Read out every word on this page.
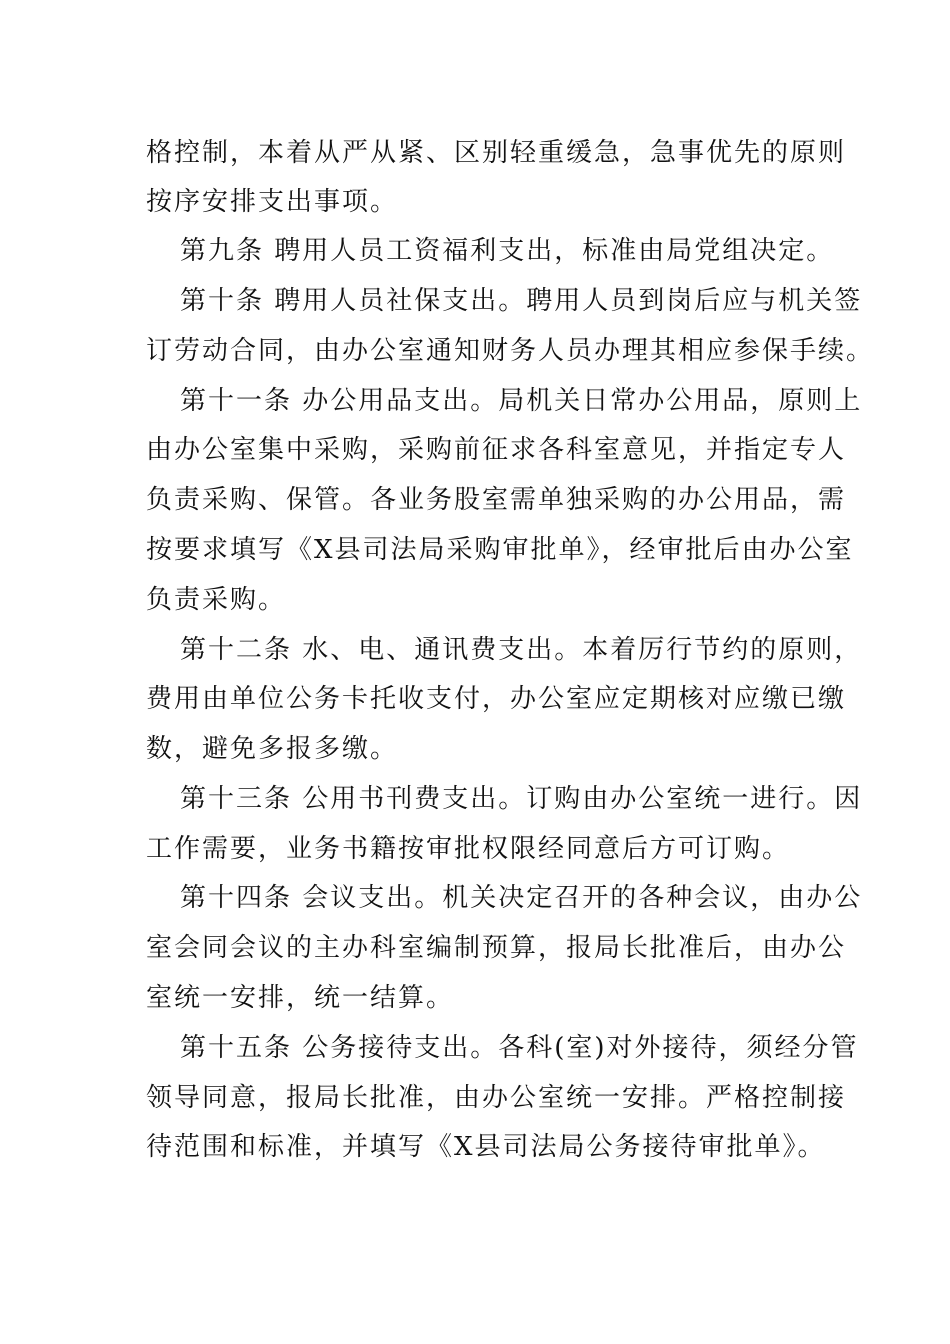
格控制，本着从严从紧、区别轻重缓急，急事优先的原则
按序安排支出事项。
第九条 聘用人员工资福利支出，标准由局党组决定。
第十条 聘用人员社保支出。聘用人员到岗后应与机关签
订劳动合同，由办公室通知财务人员办理其相应参保手续。
第十一条 办公用品支出。局机关日常办公用品，原则上
由办公室集中采购，采购前征求各科室意见，并指定专人
负责采购、保管。各业务股室需单独采购的办公用品，需
按要求填写《X县司法局采购审批单》，经审批后由办公室
负责采购。
第十二条 水、电、通讯费支出。本着厉行节约的原则，
费用由单位公务卡托收支付，办公室应定期核对应缴已缴
数，避免多报多缴。
第十三条 公用书刊费支出。订购由办公室统一进行。因
工作需要，业务书籍按审批权限经同意后方可订购。
第十四条 会议支出。机关决定召开的各种会议，由办公
室会同会议的主办科室编制预算，报局长批准后，由办公
室统一安排，统一结算。
第十五条 公务接待支出。各科(室)对外接待，须经分管
领导同意，报局长批准，由办公室统一安排。严格控制接
待范围和标准，并填写《X县司法局公务接待审批单》。
